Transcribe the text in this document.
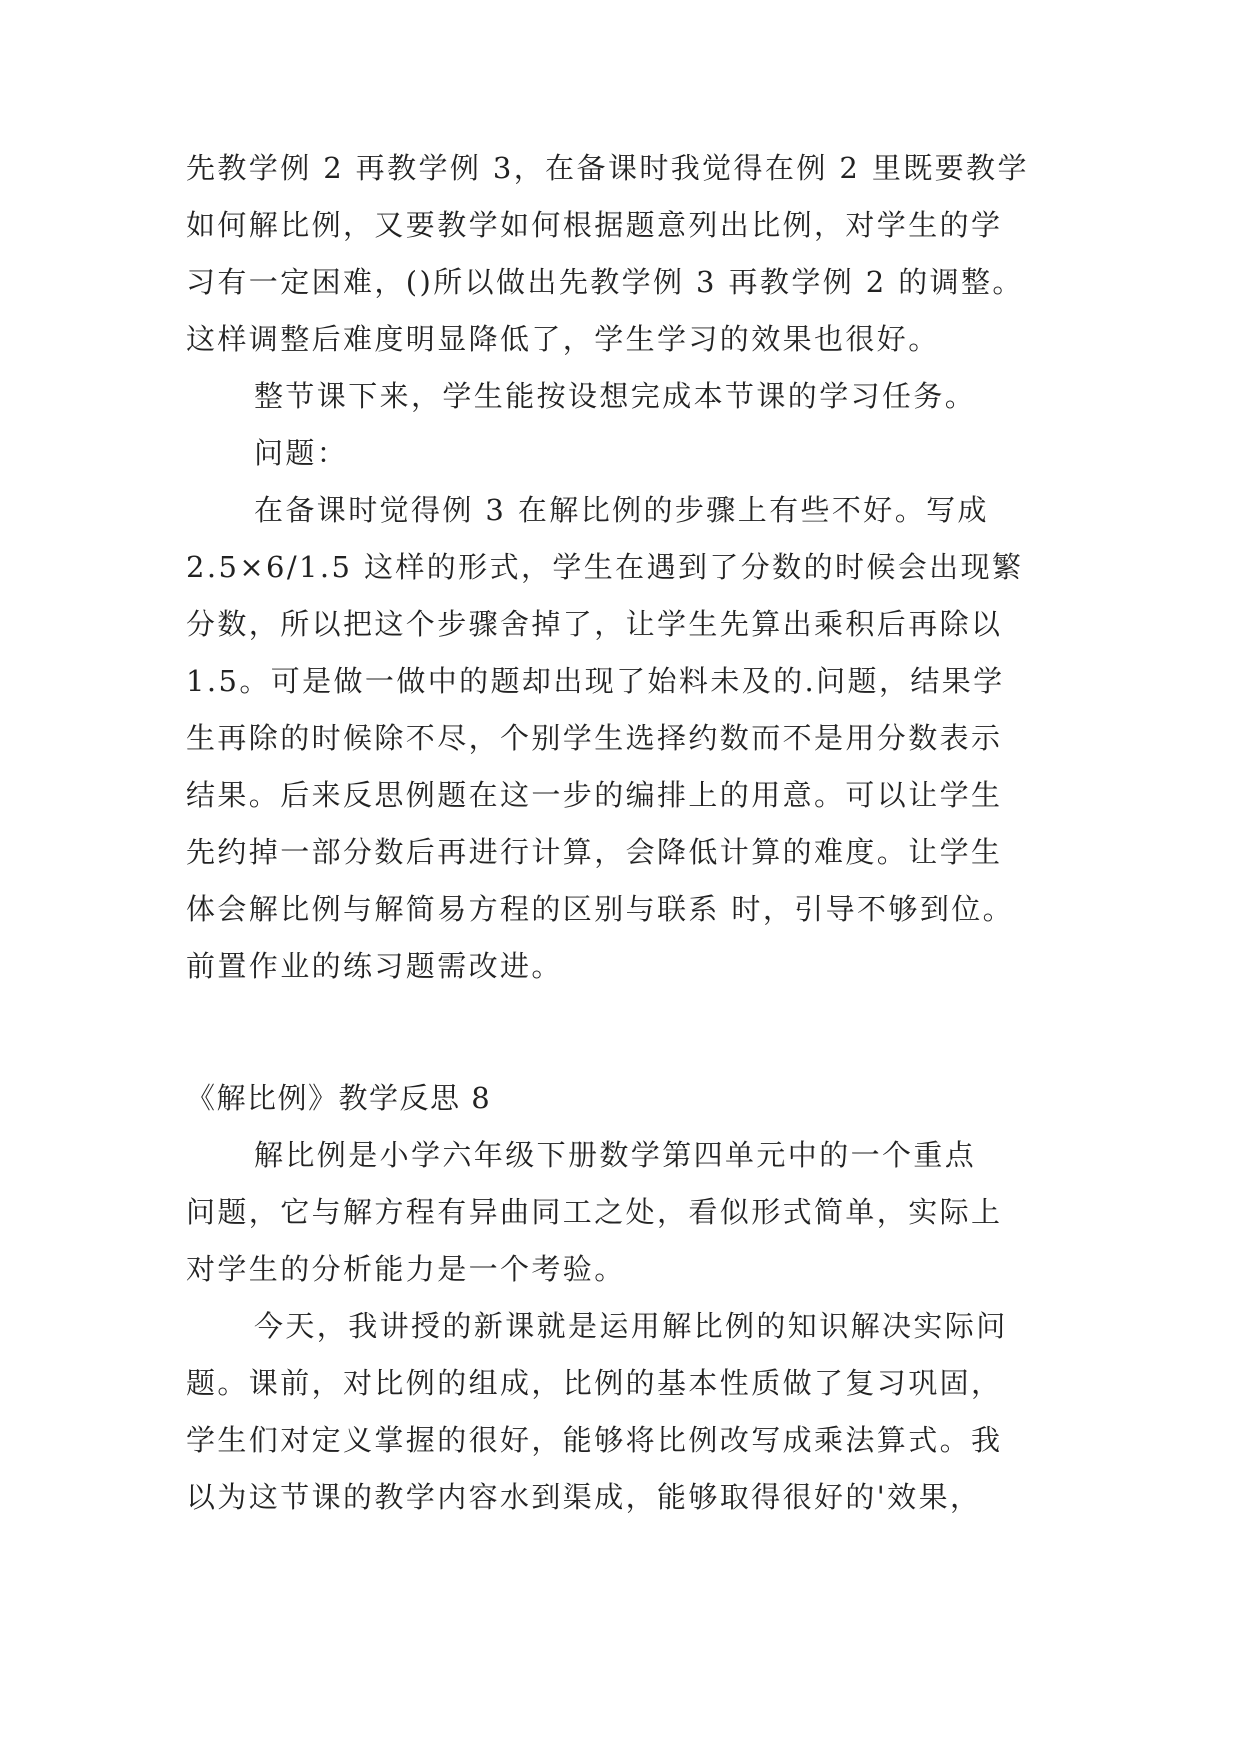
先教学例 2 再教学例 3，在备课时我觉得在例 2 里既要教学
如何解比例，又要教学如何根据题意列出比例，对学生的学
习有一定困难，()所以做出先教学例 3 再教学例 2 的调整。
这样调整后难度明显降低了，学生学习的效果也很好。
整节课下来，学生能按设想完成本节课的学习任务。
问题：
在备课时觉得例 3 在解比例的步骤上有些不好。写成
2.5×6/1.5 这样的形式，学生在遇到了分数的时候会出现繁
分数，所以把这个步骤舍掉了，让学生先算出乘积后再除以
1.5。可是做一做中的题却出现了始料未及的.问题，结果学
生再除的时候除不尽，个别学生选择约数而不是用分数表示
结果。后来反思例题在这一步的编排上的用意。可以让学生
先约掉一部分数后再进行计算，会降低计算的难度。让学生
体会解比例与解简易方程的区别与联系 时，引导不够到位。
前置作业的练习题需改进。
《解比例》教学反思 8
解比例是小学六年级下册数学第四单元中的一个重点
问题，它与解方程有异曲同工之处，看似形式简单，实际上
对学生的分析能力是一个考验。
今天，我讲授的新课就是运用解比例的知识解决实际问
题。课前，对比例的组成，比例的基本性质做了复习巩固，
学生们对定义掌握的很好，能够将比例改写成乘法算式。我
以为这节课的教学内容水到渠成，能够取得很好的'效果，
